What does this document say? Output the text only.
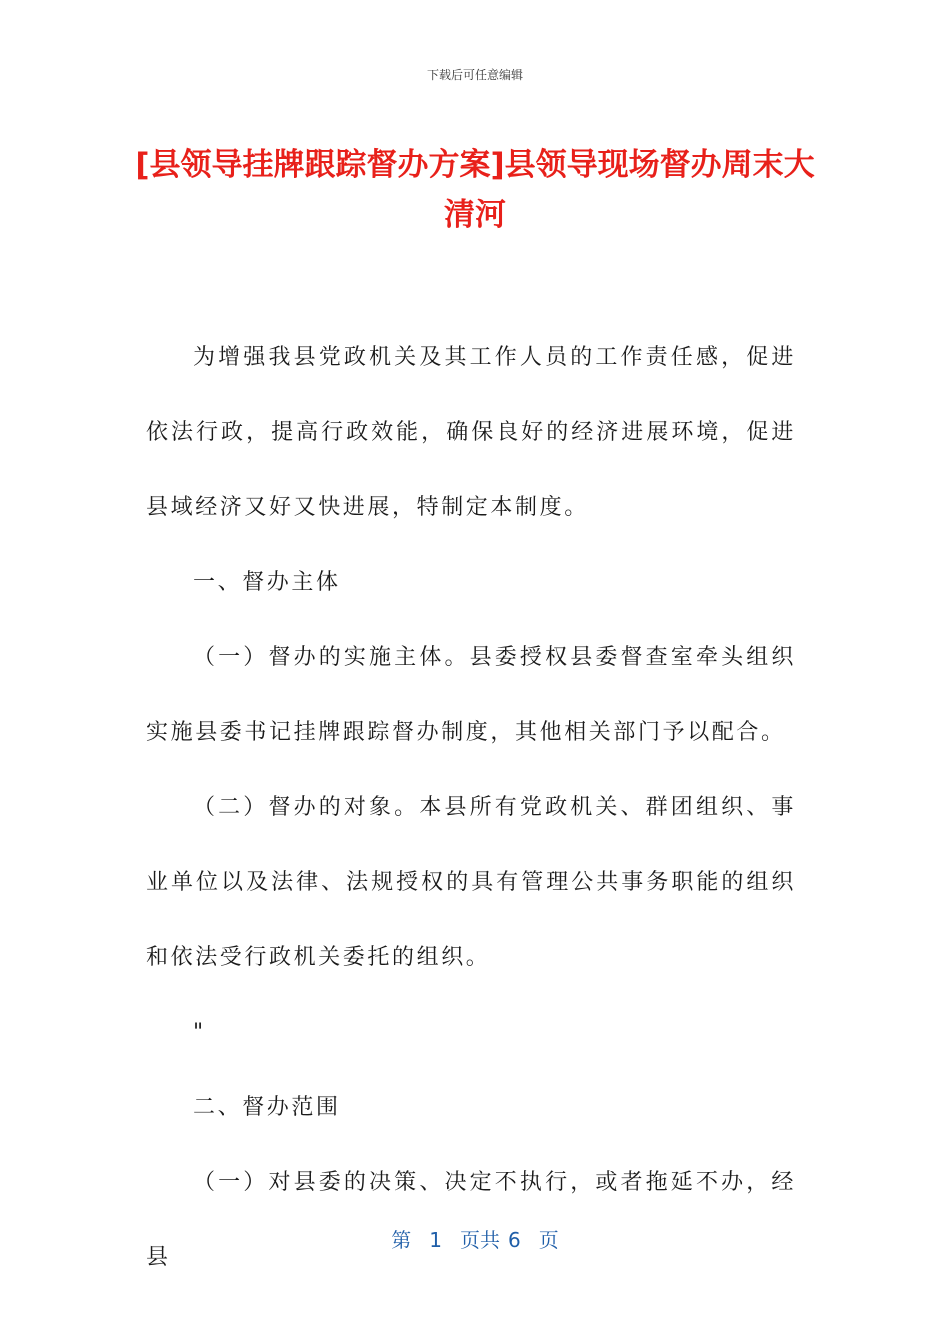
下载后可任意编辑
[县领导挂牌跟踪督办方案]县领导现场督办周末大清河

为增强我县党政机关及其工作人员的工作责任感，促进依法行政，提高行政效能，确保良好的经济进展环境，促进县域经济又好又快进展，特制定本制度。

一、督办主体

（一）督办的实施主体。县委授权县委督查室牵头组织实施县委书记挂牌跟踪督办制度，其他相关部门予以配合。

（二）督办的对象。本县所有党政机关、群团组织、事业单位以及法律、法规授权的具有管理公共事务职能的组织和依法受行政机关委托的组织。

"

二、督办范围

（一）对县委的决策、决定不执行，或者拖延不办，经县

第 1 页共 6 页
